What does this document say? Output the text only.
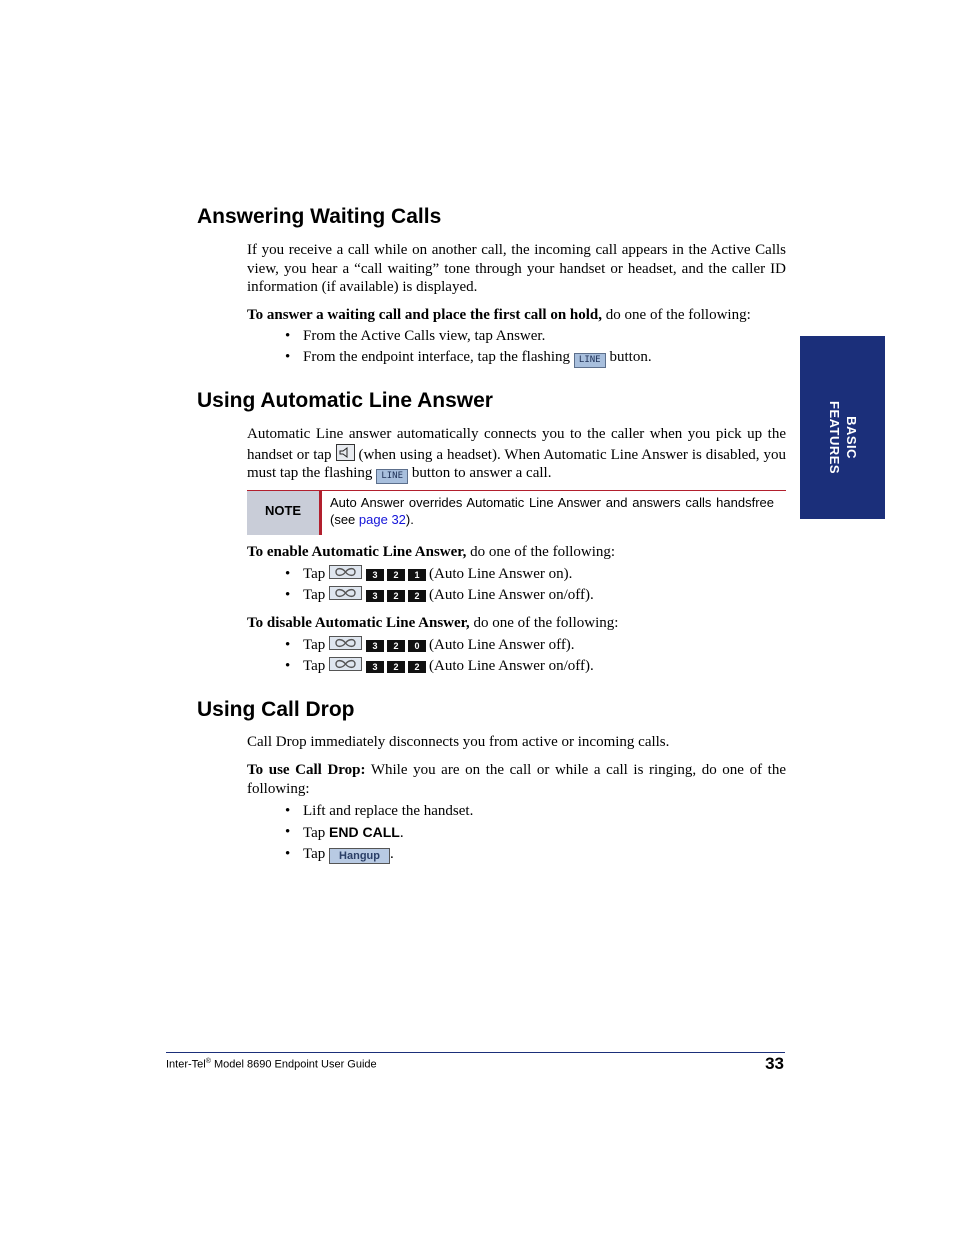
Answering Waiting Calls

If you receive a call while on another call, the incoming call appears in the Active Calls view, you hear a “call waiting” tone through your handset or headset, and the caller ID information (if available) is displayed.

To answer a waiting call and place the first call on hold, do one of the following:

• From the Active Calls view, tap Answer.
• From the endpoint interface, tap the flashing LINE button.
Using Automatic Line Answer

Automatic Line answer automatically connects you to the caller when you pick up the handset or tap
(when using a headset). When Automatic Line Answer is disabled, you must tap the flashing LINE button to answer a call.

NOTE
Auto Answer overrides Automatic Line Answer and answers calls handsfree (see page 32).

To enable Automatic Line Answer, do one of the following:

• Tap	3 2 1 (Auto Line Answer on).
• Tap	3 2 2 (Auto Line Answer on/off).

To disable Automatic Line Answer, do one of the following:

• Tap	3 2 0 (Auto Line Answer off).
• Tap	3 2 2 (Auto Line Answer on/off).
Using Call Drop

Call Drop immediately disconnects you from active or incoming calls.

To use Call Drop: While you are on the call or while a call is ringing, do one of the following:

• Lift and replace the handset.
• Tap END CALL.
• Tap Hangup .
BASIC
FEATURES
Inter-Tel® Model 8690 Endpoint User Guide	33
